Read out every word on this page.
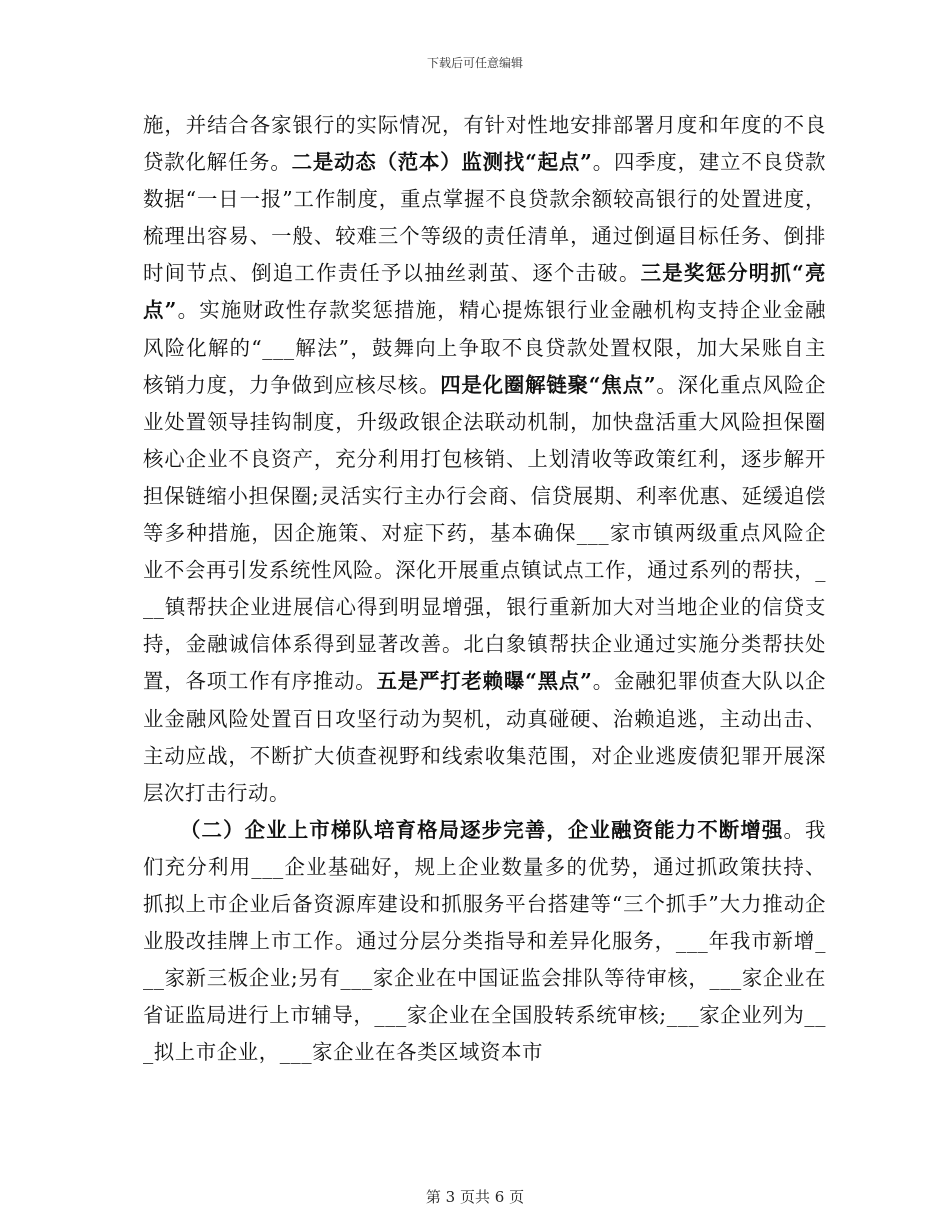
下载后可任意编辑

施，并结合各家银行的实际情况，有针对性地安排部署月度和年度的不良贷款化解任务。二是动态（范本）监测找“起点”。四季度，建立不良贷款数据“一日一报”工作制度，重点掌握不良贷款余额较高银行的处置进度，梳理出容易、一般、较难三个等级的责任清单，通过倒逼目标任务、倒排时间节点、倒追工作责任予以抽丝剥茧、逐个击破。三是奖惩分明抓“亮点”。实施财政性存款奖惩措施，精心提炼银行业金融机构支持企业金融风险化解的“___解法”，鼓舞向上争取不良贷款处置权限，加大呆账自主核销力度，力争做到应核尽核。四是化圈解链聚“焦点”。深化重点风险企业处置领导挂钩制度，升级政银企法联动机制，加快盘活重大风险担保圈核心企业不良资产，充分利用打包核销、上划清收等政策红利，逐步解开担保链缩小担保圈;灵活实行主办行会商、信贷展期、利率优惠、延缓追偿等多种措施，因企施策、对症下药，基本确保___家市镇两级重点风险企业不会再引发系统性风险。深化开展重点镇试点工作，通过系列的帮扶，___镇帮扶企业进展信心得到明显增强，银行重新加大对当地企业的信贷支持，金融诚信体系得到显著改善。北白象镇帮扶企业通过实施分类帮扶处置，各项工作有序推动。五是严打老赖曝“黑点”。金融犯罪侦查大队以企业金融风险处置百日攻坚行动为契机，动真碰硬、治赖追逃，主动出击、主动应战，不断扩大侦查视野和线索收集范围，对企业逃废债犯罪开展深层次打击行动。

（二）企业上市梯队培育格局逐步完善，企业融资能力不断增强。我们充分利用___企业基础好，规上企业数量多的优势，通过抓政策扶持、抓拟上市企业后备资源库建设和抓服务平台搭建等“三个抓手”大力推动企业股改挂牌上市工作。通过分层分类指导和差异化服务，___年我市新增___家新三板企业;另有___家企业在中国证监会排队等待审核，___家企业在省证监局进行上市辅导，___家企业在全国股转系统审核;___家企业列为___拟上市企业，___家企业在各类区域资本市

第 3 页共 6 页
